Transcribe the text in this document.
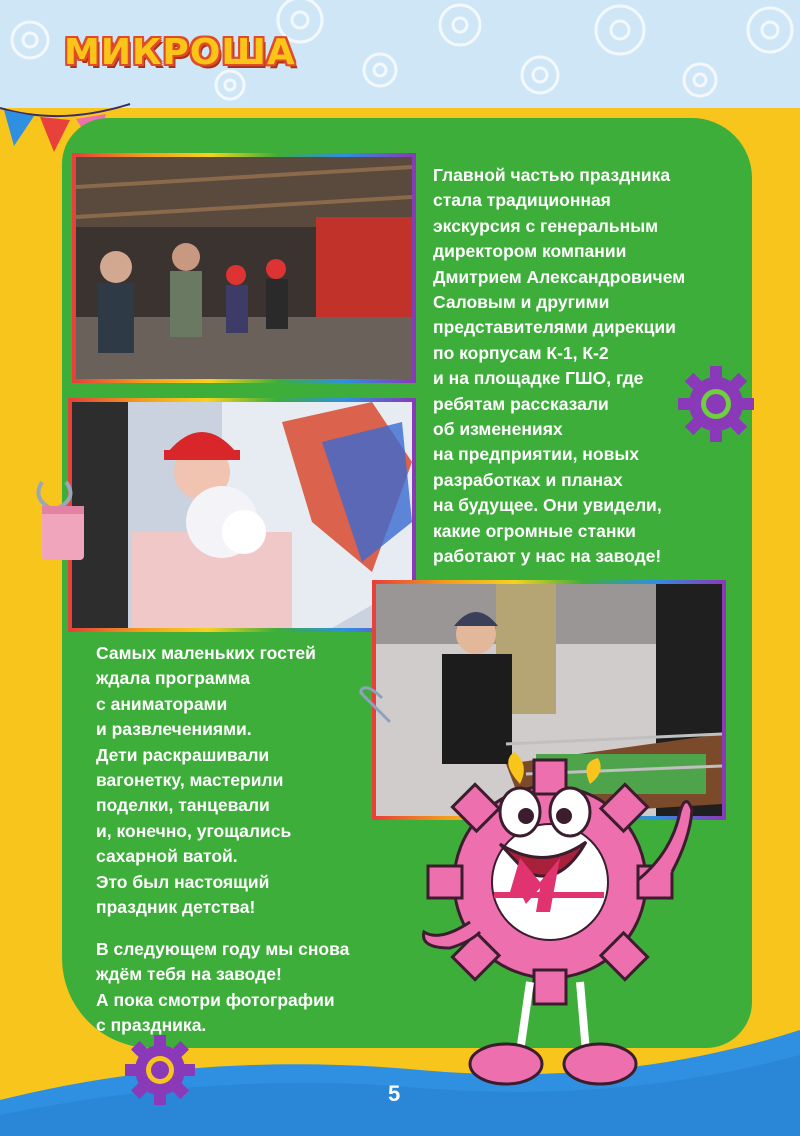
МИКРОША

Главной частью праздника
стала традиционная
экскурсия с генеральным
директором компании
Дмитрием Александровичем
Саловым и другими
представителями дирекции
по корпусам К-1, К-2
и на площадке ГШО, где
ребятам рассказали
об изменениях
на предприятии, новых
разработках и планах
на будущее. Они увидели,
какие огромные станки
работают у нас на заводе!

Самых маленьких гостей
ждала программа
с аниматорами
и развлечениями.
Дети раскрашивали
вагонетку, мастерили
поделки, танцевали
и, конечно, угощались
сахарной ватой.
Это был настоящий
праздник детства!

В следующем году мы снова
ждём тебя на заводе!
А пока смотри фотографии
с праздника.

5
